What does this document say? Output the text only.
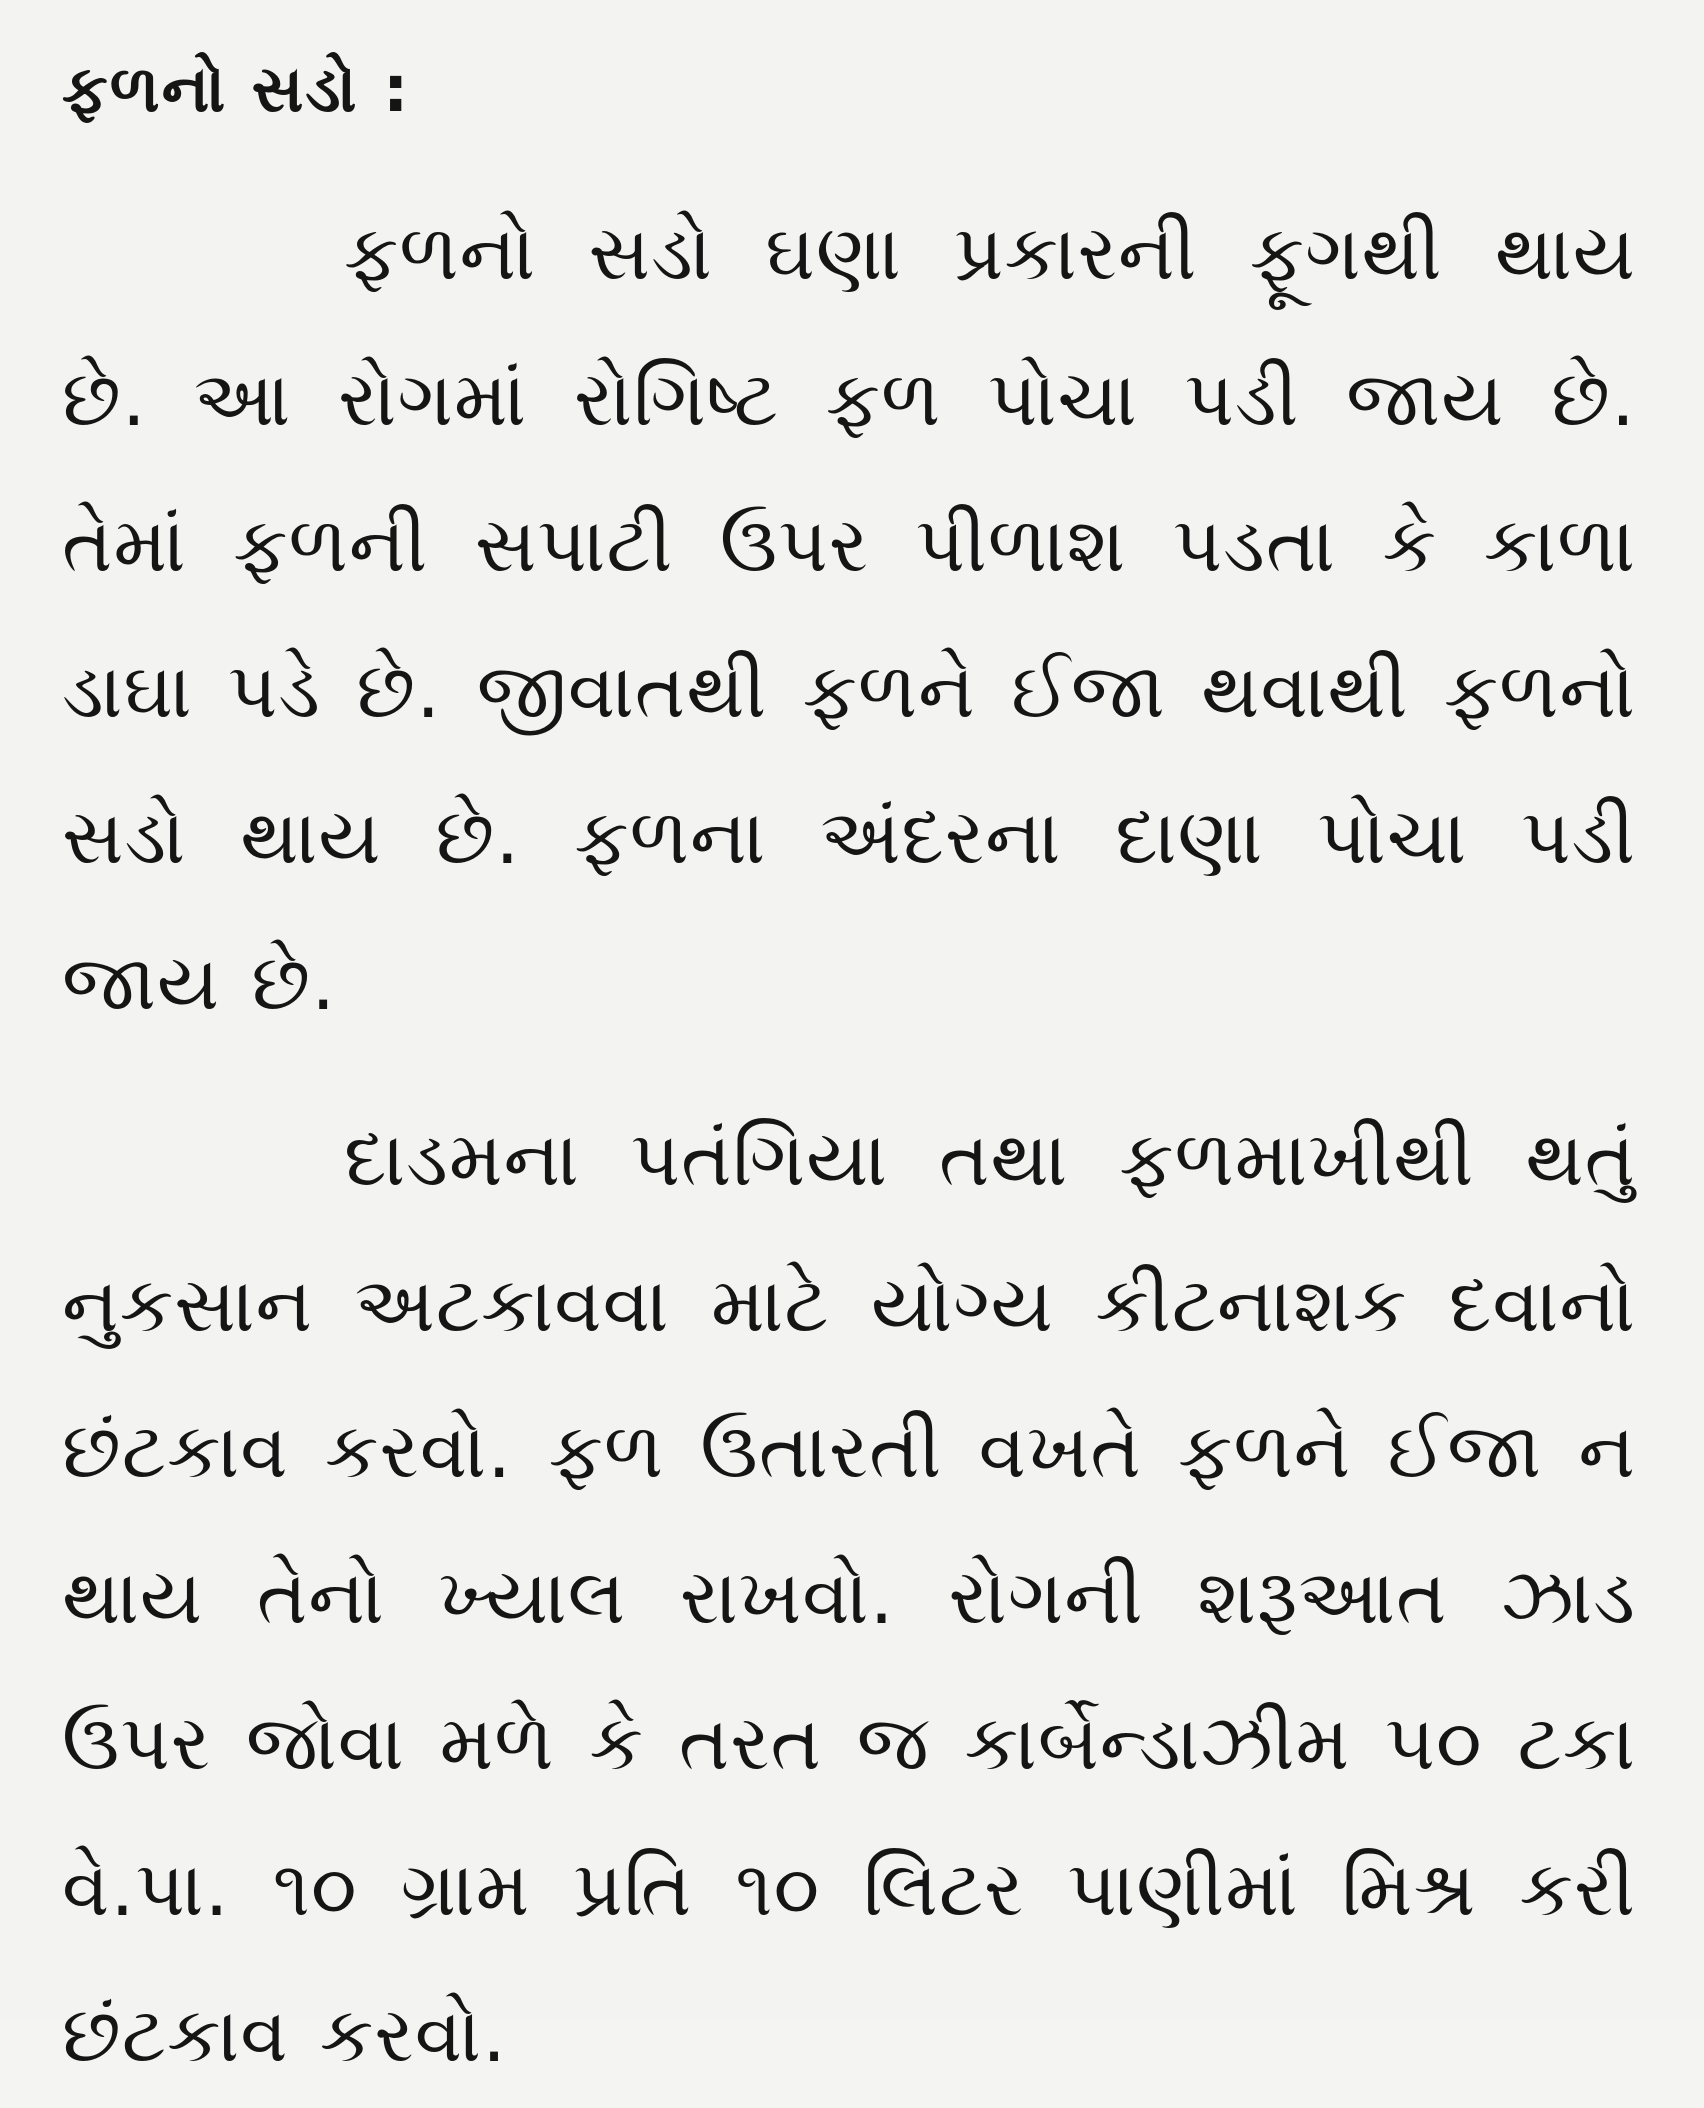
ફળનો સડો :

ફળનો સડો ઘણા પ્રકારની ફૂગથી થાય છે. આ રોગમાં રોગિષ્ટ ફળ પોચા પડી જાય છે. તેમાં ફળની સપાટી ઉપર પીળાશ પડતા કે કાળા ડાઘા પડે છે. જીવાતથી ફળને ઈજા થવાથી ફળનો સડો થાય છે. ફળના અંદરના દાણા પોચા પડી જાય છે.

દાડમના પતંગિયા તથા ફળમાખીથી થતું નુકસાન અટકાવવા માટે યોગ્ય કીટનાશક દવાનો છંટકાવ કરવો. ફળ ઉતારતી વખતે ફળને ઈજા ન થાય તેનો ખ્યાલ રાખવો. રોગની શરૂઆત ઝાડ ઉપર જોવા મળે કે તરત જ કાર્બેન્ડાઝીમ ૫૦ ટકા વે.પા. ૧૦ ગ્રામ પ્રતિ ૧૦ લિટર પાણીમાં મિશ્ર કરી છંટકાવ કરવો.
